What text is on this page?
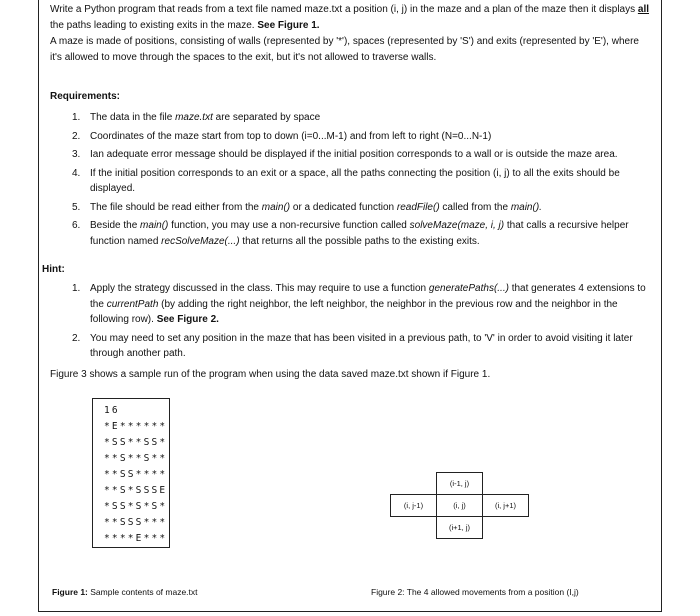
Write a Python program that reads from a text file named maze.txt a position (i, j) in the maze and a plan of the maze then it displays all the paths leading to existing exits in the maze. See Figure 1.

A maze is made of positions, consisting of walls (represented by '*'), spaces (represented by 'S') and exits (represented by 'E'), where it's allowed to move through the spaces to the exit, but it's not allowed to traverse walls.

Requirements:
1. The data in the file maze.txt are separated by space
2. Coordinates of the maze start from top to down (i=0...M-1) and from left to right (N=0...N-1)
3. Ian adequate error message should be displayed if the initial position corresponds to a wall or is outside the maze area.
4. If the initial position corresponds to an exit or a space, all the paths connecting the position (i, j) to all the exits should be displayed.
5. The file should be read either from the main() or a dedicated function readFile() called from the main().
6. Beside the main() function, you may use a non-recursive function called solveMaze(maze, i, j) that calls a recursive helper function named recSolveMaze(...) that returns all the possible paths to the existing exits.
Hint:
1. Apply the strategy discussed in the class. This may require to use a function generatePaths(...) that generates 4 extensions to the currentPath (by adding the right neighbor, the left neighbor, the neighbor in the previous row and the neighbor in the following row). See Figure 2.
2. You may need to set any position in the maze that has been visited in a previous path, to 'V' in order to avoid visiting it later through another path.
Figure 3 shows a sample run of the program when using the data saved maze.txt shown if Figure 1.
16
*E******
*SS**SS*
**S**S**
**SS****
**S*SSSE
*SS*S*S*
**SSS***
****E***
	(i-1, j)	
(i, j-1)	(i, j)	(i, j+1)
	(i+1, j)	
Figure 1: Sample contents of maze.txt	Figure 2: The 4 allowed movements from a position (I,j)
